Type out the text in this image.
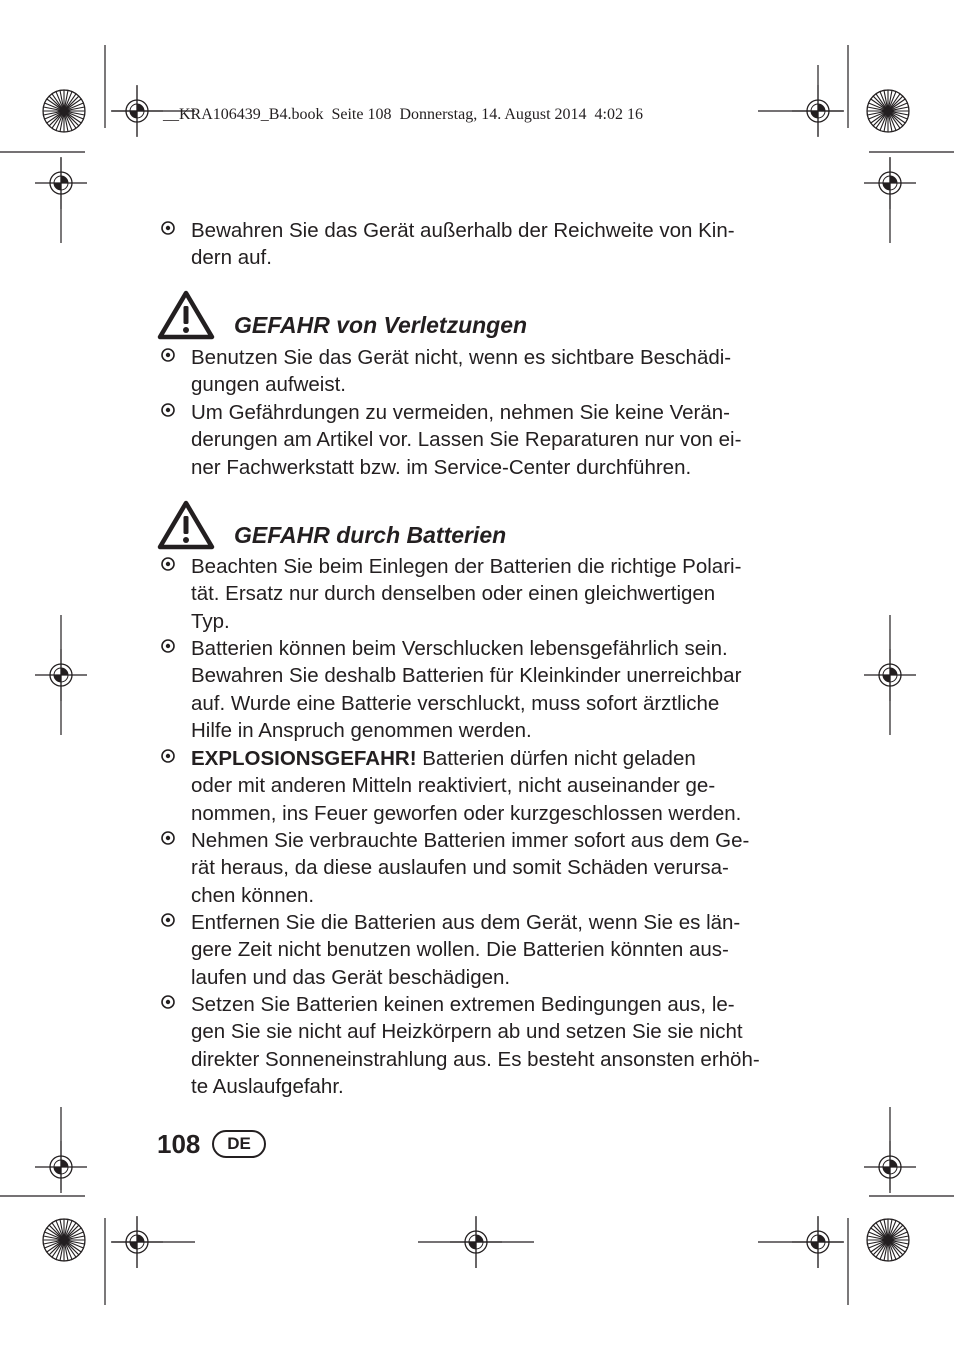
__KRA106439_B4.book  Seite 108  Donnerstag, 14. August 2014  4:02 16

Bewahren Sie das Gerät außerhalb der Reichweite von Kin-
dern auf.

GEFAHR von Verletzungen

Benutzen Sie das Gerät nicht, wenn es sichtbare Beschädi-
gungen aufweist.

Um Gefährdungen zu vermeiden, nehmen Sie keine Verän-
derungen am Artikel vor. Lassen Sie Reparaturen nur von ei-
ner Fachwerkstatt bzw. im Service-Center durchführen.

GEFAHR durch Batterien

Beachten Sie beim Einlegen der Batterien die richtige Polari-
tät. Ersatz nur durch denselben oder einen gleichwertigen
Typ.

Batterien können beim Verschlucken lebensgefährlich sein.
Bewahren Sie deshalb Batterien für Kleinkinder unerreichbar
auf. Wurde eine Batterie verschluckt, muss sofort ärztliche
Hilfe in Anspruch genommen werden.

EXPLOSIONSGEFAHR! Batterien dürfen nicht geladen
oder mit anderen Mitteln reaktiviert, nicht auseinander ge-
nommen, ins Feuer geworfen oder kurzgeschlossen werden.

Nehmen Sie verbrauchte Batterien immer sofort aus dem Ge-
rät heraus, da diese auslaufen und somit Schäden verursa-
chen können.

Entfernen Sie die Batterien aus dem Gerät, wenn Sie es län-
gere Zeit nicht benutzen wollen. Die Batterien könnten aus-
laufen und das Gerät beschädigen.

Setzen Sie Batterien keinen extremen Bedingungen aus, le-
gen Sie sie nicht auf Heizkörpern ab und setzen Sie sie nicht
direkter Sonneneinstrahlung aus. Es besteht ansonsten erhöh-
te Auslaufgefahr.

108	DE
